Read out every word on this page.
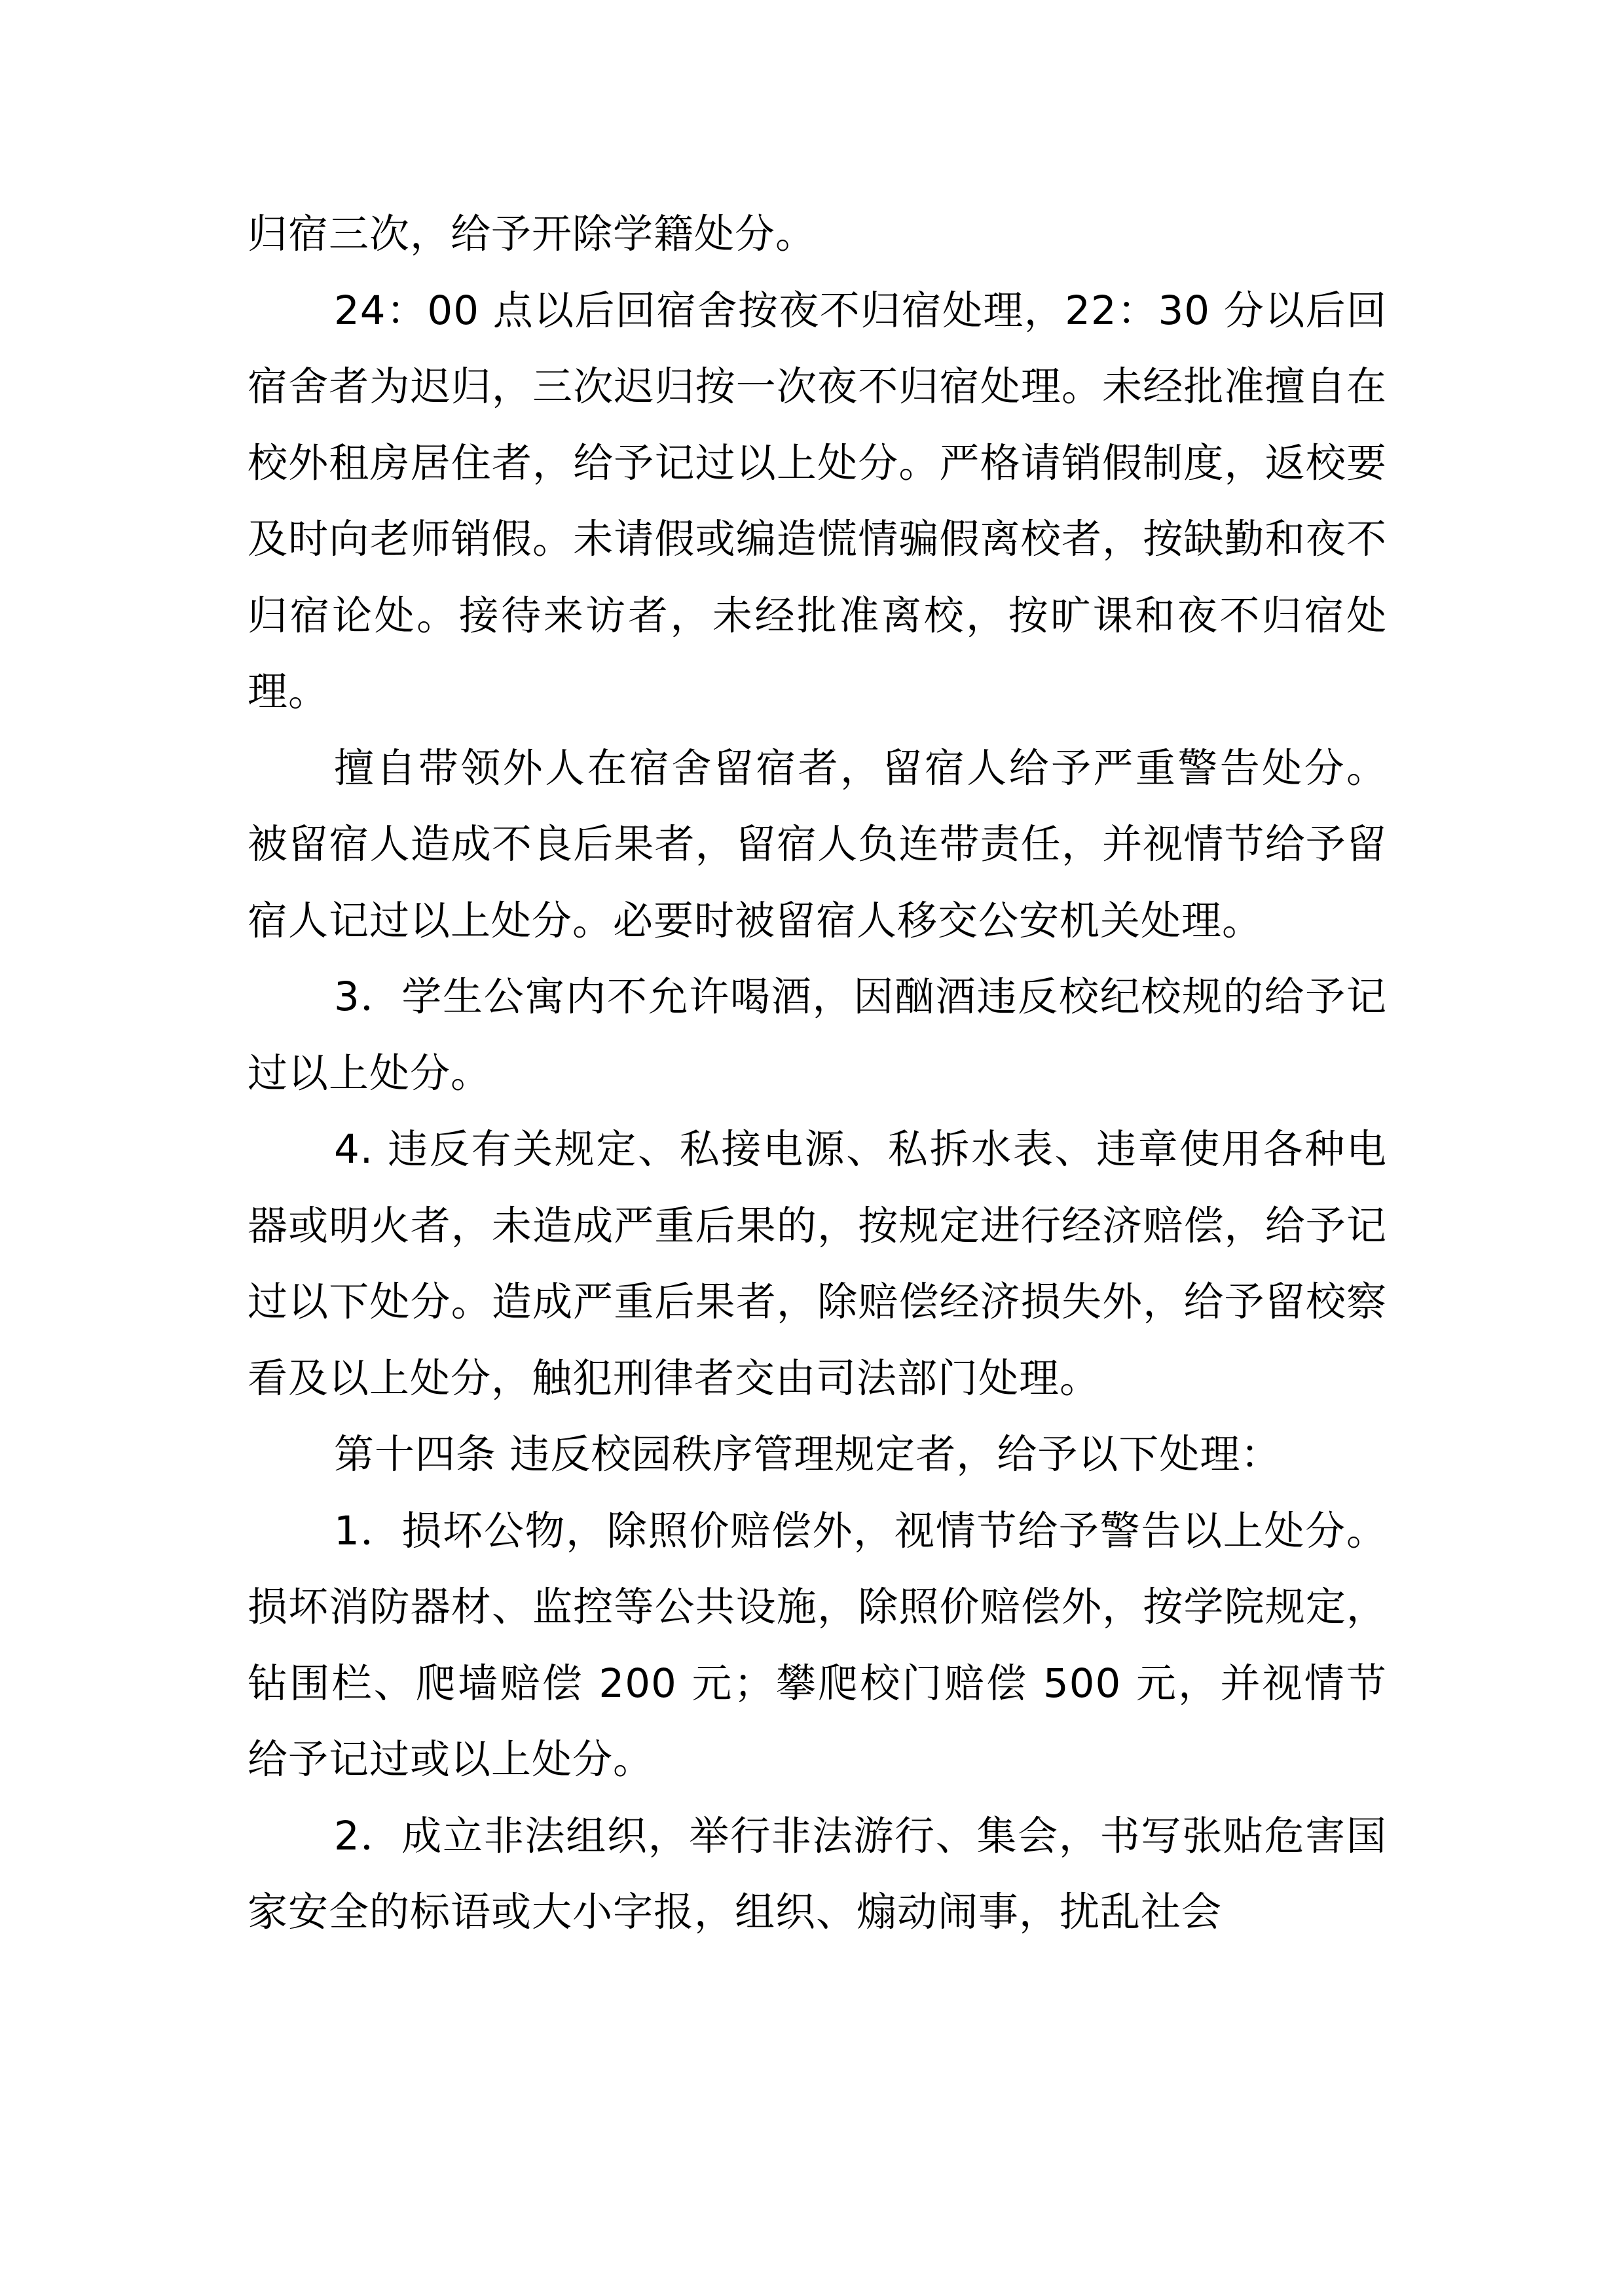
归宿三次，给予开除学籍处分。

24：00 点以后回宿舍按夜不归宿处理，22：30 分以后回宿舍者为迟归，三次迟归按一次夜不归宿处理。未经批准擅自在校外租房居住者，给予记过以上处分。严格请销假制度，返校要及时向老师销假。未请假或编造慌情骗假离校者，按缺勤和夜不归宿论处。接待来访者，未经批准离校，按旷课和夜不归宿处理。

擅自带领外人在宿舍留宿者，留宿人给予严重警告处分。被留宿人造成不良后果者，留宿人负连带责任，并视情节给予留宿人记过以上处分。必要时被留宿人移交公安机关处理。

3．学生公寓内不允许喝酒，因酗酒违反校纪校规的给予记过以上处分。

4. 违反有关规定、私接电源、私拆水表、违章使用各种电器或明火者，未造成严重后果的，按规定进行经济赔偿，给予记过以下处分。造成严重后果者，除赔偿经济损失外，给予留校察看及以上处分，触犯刑律者交由司法部门处理。

第十四条 违反校园秩序管理规定者，给予以下处理：

1．损坏公物，除照价赔偿外，视情节给予警告以上处分。损坏消防器材、监控等公共设施，除照价赔偿外，按学院规定，钻围栏、爬墙赔偿 200 元；攀爬校门赔偿 500 元，并视情节给予记过或以上处分。

2．成立非法组织，举行非法游行、集会，书写张贴危害国家安全的标语或大小字报，组织、煽动闹事，扰乱社会
